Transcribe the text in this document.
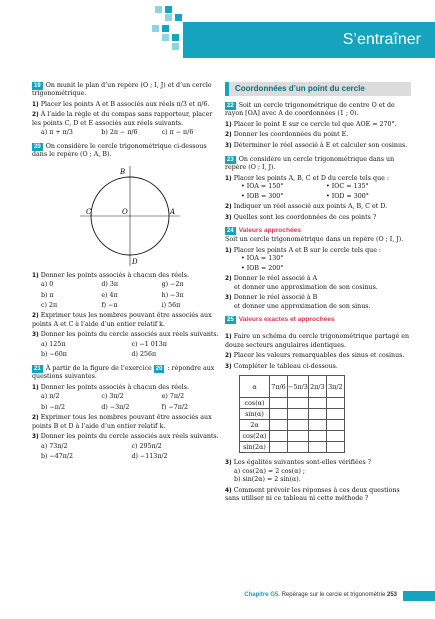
S’entraîner
19 On munit le plan d’un repère (O ; I, J) et d’un cercle trigonométrique.
1) Placer les points A et B associés aux réels π/3 et π/6.
2) À l’aide la règle et du compas sans rapporteur, placer les points C, D et E associés aux réels suivants.
a) π + π/3	b) 2π − π/6	c) π − π/6
20 On considère le cercle trigonométrique ci-dessous dans le repère (O ; A, B).
B
C	O	A
D
1) Donner les points associés à chacun des réels.
a) 0	d) 3π	g) −2π
b) π	e) 4π	h) −3π
c) 2π	f) −π	i) 56π
2) Exprimer tous les nombres pouvant être associés aux points A et C à l’aide d’un entier relatif k.
3) Donner les points du cercle associés aux réels suivants.
a) 125π	c) −1 013π
b) −60π	d) 256π
21 À partir de la figure de l’exercice 20 : répondre aux questions suivantes.
1) Donner les points associés à chacun des réels.
a) π/2	c) 3π/2	e) 7π/2
b) −π/2	d) −3π/2	f) −7π/2
2) Exprimer tous les nombres pouvant être associés aux points B et D à l’aide d’un entier relatif k.
3) Donner les points du cercle associés aux réels suivants.
a) 73π/2	c) 295π/2
b) −47π/2	d) −113π/2
Coordonnées d’un point du cercle
22 Soit un cercle trigonométrique de centre O et de rayon [OA] avec A de coordonnées (1 ; 0).
1) Placer le point E sur ce cercle tel que AOE = 270°.
2) Donner les coordonnées du point E.
3) Déterminer le réel associé à E et calculer son cosinus.
23 On considère un cercle trigonométrique dans un repère (O ; I, J).
1) Placer les points A, B, C et D du cercle tels que :
• IOA = 150°	• IOC = 135°
• IOB = 300°	• IOD = 300°
2) Indiquer un réel associé aux points A, B, C et D.
3) Quelles sont les coordonnées de ces points ?
24 Valeurs approchées
Soit un cercle trigonométrique dans un repère (O ; I, J).
1) Placer les points A et B sur le cercle tels que :
• IOA = 130°
• IOB = 200°
2) Donner le réel associé à A
et donner une approximation de son cosinus.
3) Donner le réel associé à B
et donner une approximation de son sinus.
25 Valeurs exactes et approchées
1) Faire un schéma du cercle trigonométrique partagé en douze secteurs angulaires identiques.
2) Placer les valeurs remarquables des sinus et cosinus.
3) Compléter le tableau ci-dessous.
α	7π/6	−5π/3	2π/3	3π/2
cos(α)				
sin(α)				
2α				
cos(2α)				
sin(2α)				
3) Les égalités suivantes sont-elles vérifiées ?
a) cos(2α) = 2 cos(α) ;
b) sin(2α) = 2 sin(α).
4) Comment prévoir les réponses à ces deux questions sans utiliser ni ce tableau ni cette méthode ?
Chapitre G5. Repérage sur le cercle et trigonométrie 253
